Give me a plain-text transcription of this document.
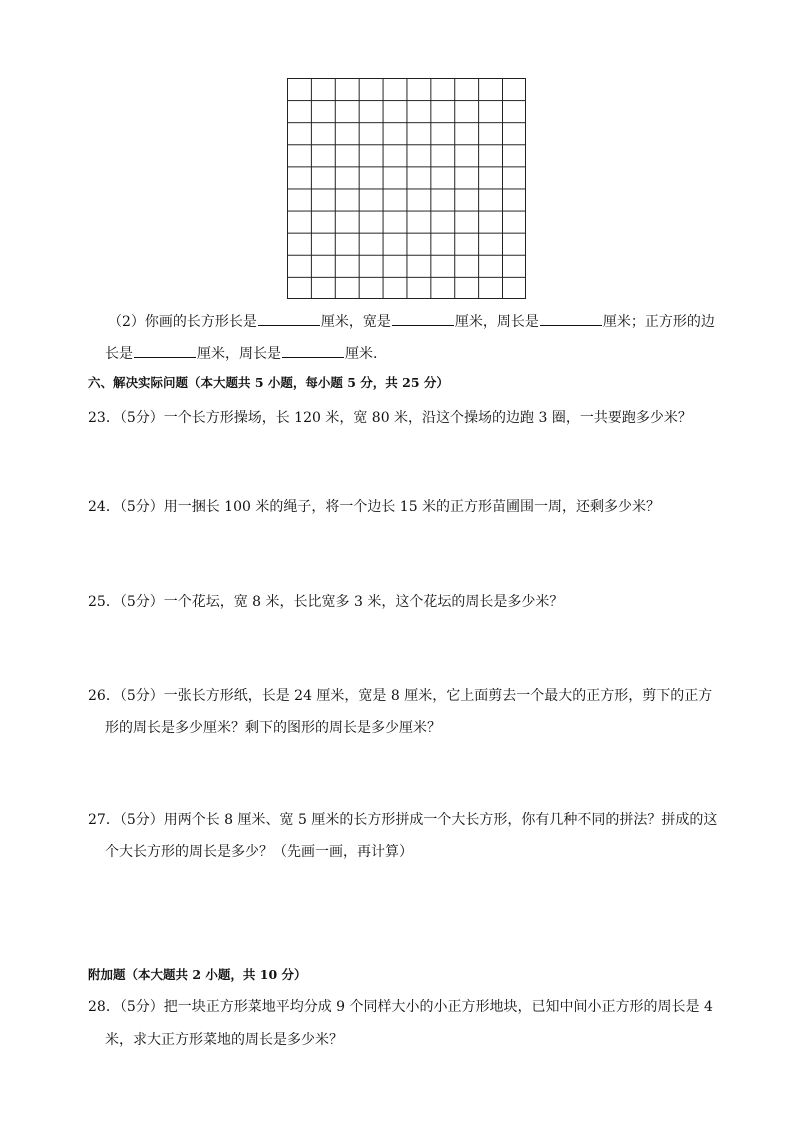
（2）你画的长方形长是	厘米，宽是	厘米，周长是	厘米；正方形的边
长是	厘米，周长是	厘米.
六、解决实际问题（本大题共 5 小题，每小题 5 分，共 25 分）
23．（5分）一个长方形操场，长 120 米，宽 80 米，沿这个操场的边跑 3 圈，一共要跑多少米？
24．（5分）用一捆长 100 米的绳子，将一个边长 15 米的正方形苗圃围一周，还剩多少米？
25．（5分）一个花坛，宽 8 米，长比宽多 3 米，这个花坛的周长是多少米？
26．（5分）一张长方形纸，长是 24 厘米，宽是 8 厘米，它上面剪去一个最大的正方形，剪下的正方
形的周长是多少厘米？剩下的图形的周长是多少厘米？
27．（5分）用两个长 8 厘米、宽 5 厘米的长方形拼成一个大长方形，你有几种不同的拼法？拼成的这
个大长方形的周长是多少？（先画一画，再计算）
附加题（本大题共 2 小题，共 10 分）
28．（5分）把一块正方形菜地平均分成 9 个同样大小的小正方形地块，已知中间小正方形的周长是 4
米，求大正方形菜地的周长是多少米？
